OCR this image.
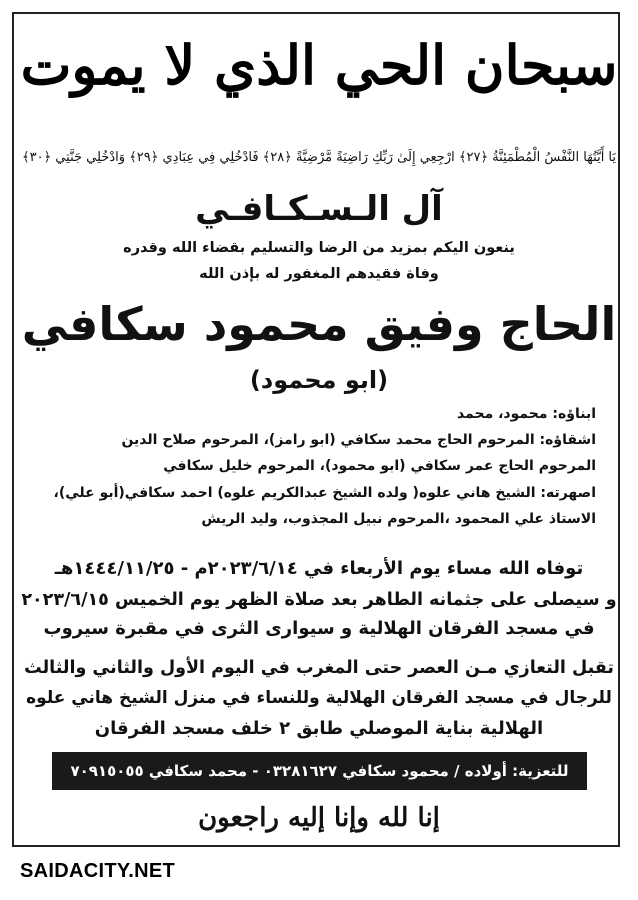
سبحان الحي الذي لا يموت
يَا أَيَّتُهَا النَّفْسُ الْمُطْمَئِنَّةُ ﴿٢٧﴾ ارْجِعِي إِلَىٰ رَبِّكِ رَاضِيَةً مَّرْضِيَّةً ﴿٢٨﴾ فَادْخُلِي فِي عِبَادِي ﴿٢٩﴾ وَادْخُلِي جَنَّتِي ﴿٣٠﴾
آل الـسـكـافـي
ينعون اليكم بمزيد من الرضا والتسليم بقضاء الله وقدره
وفاة فقيدهم المغفور له بإذن الله
الحاج وفيق محمود سكافي
(ابو محمود)
ابناؤه: محمود، محمد
اشقاؤه: المرحوم الحاج محمد سكافي (ابو رامز)، المرحوم صلاح الدين
المرحوم الحاج عمر سكافي (ابو محمود)، المرحوم خليل سكافي
اصهرته: الشيخ هاني علوه( ولده الشيخ عبدالكريم علوه) احمد سكافي(أبو علي)،
الاستاذ علي المحمود ،المرحوم نبيل المجذوب، وليد الريش
توفاه الله مساء يوم الأربعاء في ٢٠٢٣/٦/١٤م - ١٤٤٤/١١/٢٥هـ
و سيصلى على جثمانه الطاهر بعد صلاة الظهر يوم الخميس ٢٠٢٣/٦/١٥
في مسجد الفرقان الهلالية و سيوارى الثرى في مقبرة سيروب
تقبل التعازي مـن العصر حتى المغرب في اليوم الأول والثاني والثالث
للرجال في مسجد الفرقان الهلالية وللنساء في منزل الشيخ هاني علوه
الهلالية بناية الموصلي طابق ٢ خلف مسجد الفرقان
للتعزية: أولاده / محمود سكافي ٠٣٢٨١٦٢٧ - محمد سكافي ٧٠٩١٥٠٥٥
إنا لله وإنا إليه راجعون
SAIDACITY.NET
